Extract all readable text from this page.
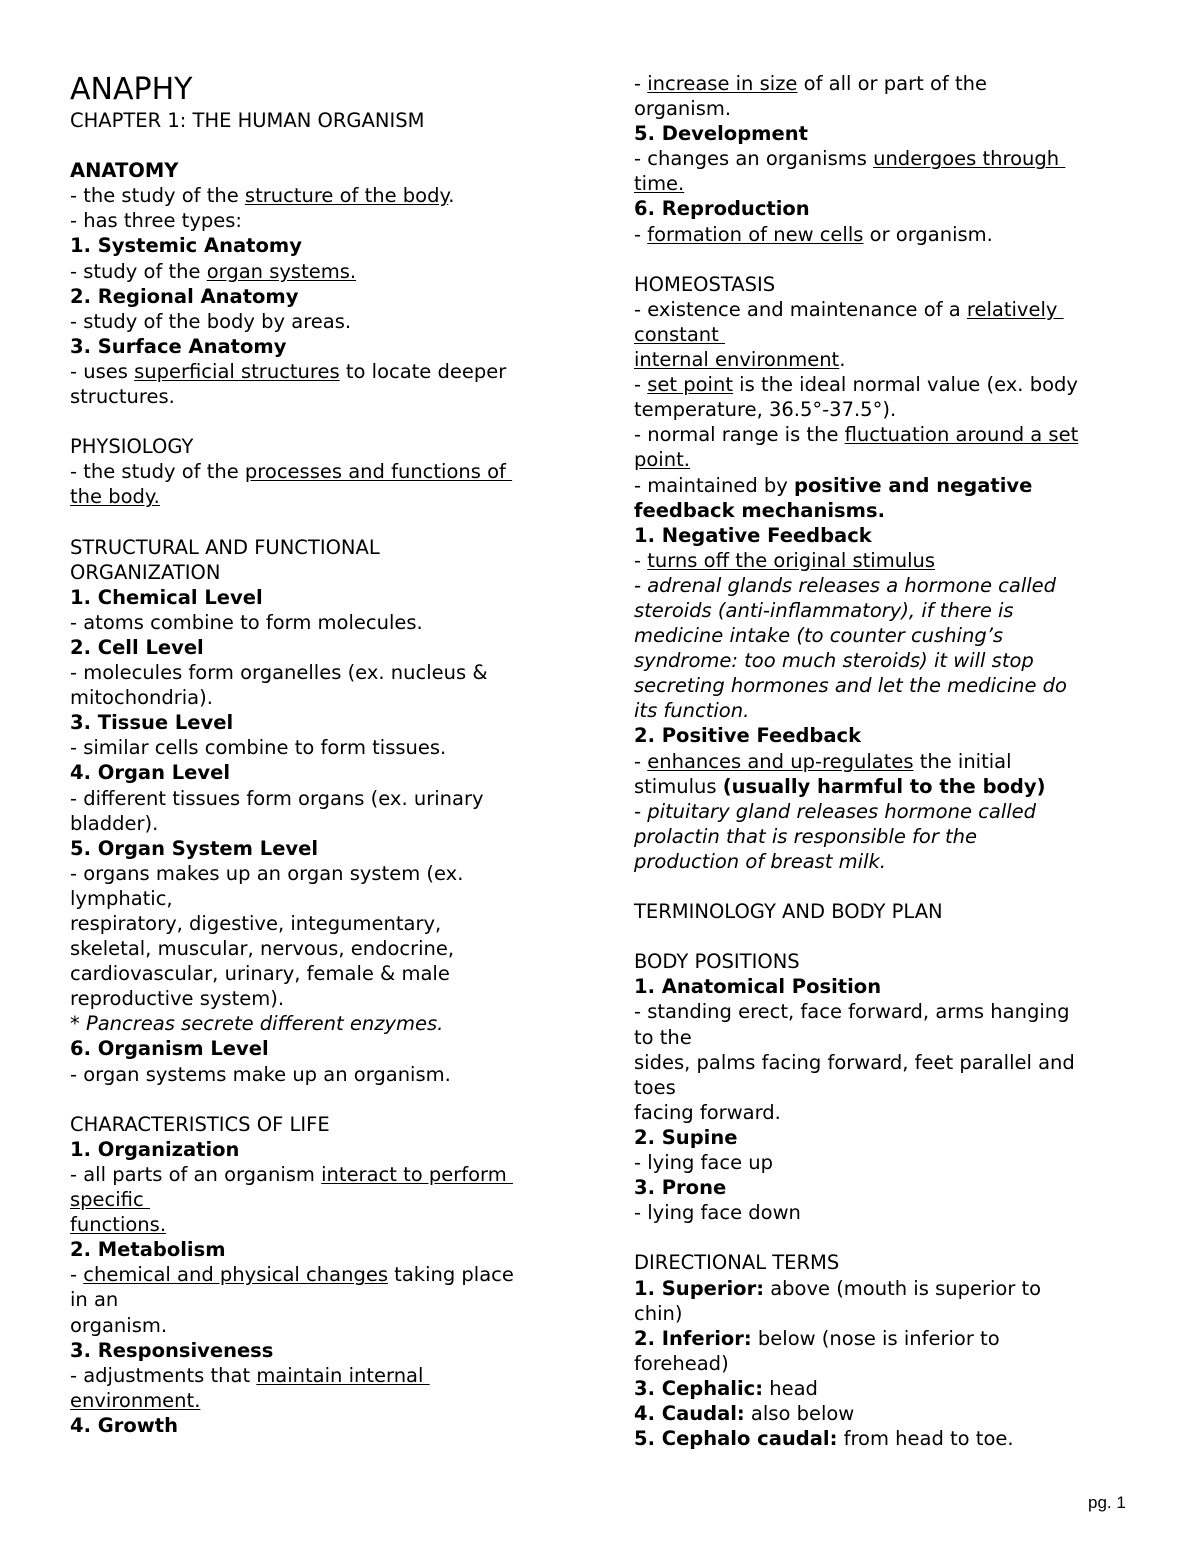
ANAPHY
CHAPTER 1: THE HUMAN ORGANISM
ANATOMY
- the study of the structure of the body.
- has three types:
1. Systemic Anatomy
- study of the organ systems.
2. Regional Anatomy
- study of the body by areas.
3. Surface Anatomy
- uses superficial structures to locate deeper
structures.
PHYSIOLOGY
- the study of the processes and functions of
the body.
STRUCTURAL AND FUNCTIONAL
ORGANIZATION
1. Chemical Level
- atoms combine to form molecules.
2. Cell Level
- molecules form organelles (ex. nucleus &
mitochondria).
3. Tissue Level
- similar cells combine to form tissues.
4. Organ Level
- different tissues form organs (ex. urinary
bladder).
5. Organ System Level
- organs makes up an organ system (ex.
lymphatic,
respiratory, digestive, integumentary,
skeletal, muscular, nervous, endocrine,
cardiovascular, urinary, female & male
reproductive system).
* Pancreas secrete different enzymes.
6. Organism Level
- organ systems make up an organism.
CHARACTERISTICS OF LIFE
1. Organization
- all parts of an organism interact to perform
specific
functions.
2. Metabolism
- chemical and physical changes taking place
in an
organism.
3. Responsiveness
- adjustments that maintain internal
environment.
4. Growth
- increase in size of all or part of the
organism.
5. Development
- changes an organisms undergoes through
time.
6. Reproduction
- formation of new cells or organism.
HOMEOSTASIS
- existence and maintenance of a relatively
constant
internal environment.
- set point is the ideal normal value (ex. body
temperature, 36.5°-37.5°).
- normal range is the fluctuation around a set
point.
- maintained by positive and negative
feedback mechanisms.
1. Negative Feedback
- turns off the original stimulus
- adrenal glands releases a hormone called
steroids (anti-inflammatory), if there is
medicine intake (to counter cushing’s
syndrome: too much steroids) it will stop
secreting hormones and let the medicine do
its function.
2. Positive Feedback
- enhances and up-regulates the initial
stimulus (usually harmful to the body)
- pituitary gland releases hormone called
prolactin that is responsible for the
production of breast milk.
TERMINOLOGY AND BODY PLAN
BODY POSITIONS
1. Anatomical Position
- standing erect, face forward, arms hanging
to the
sides, palms facing forward, feet parallel and
toes
facing forward.
2. Supine
- lying face up
3. Prone
- lying face down
DIRECTIONAL TERMS
1. Superior: above (mouth is superior to
chin)
2. Inferior: below (nose is inferior to
forehead)
3. Cephalic: head
4. Caudal: also below
5. Cephalo caudal: from head to toe.
pg. 1
